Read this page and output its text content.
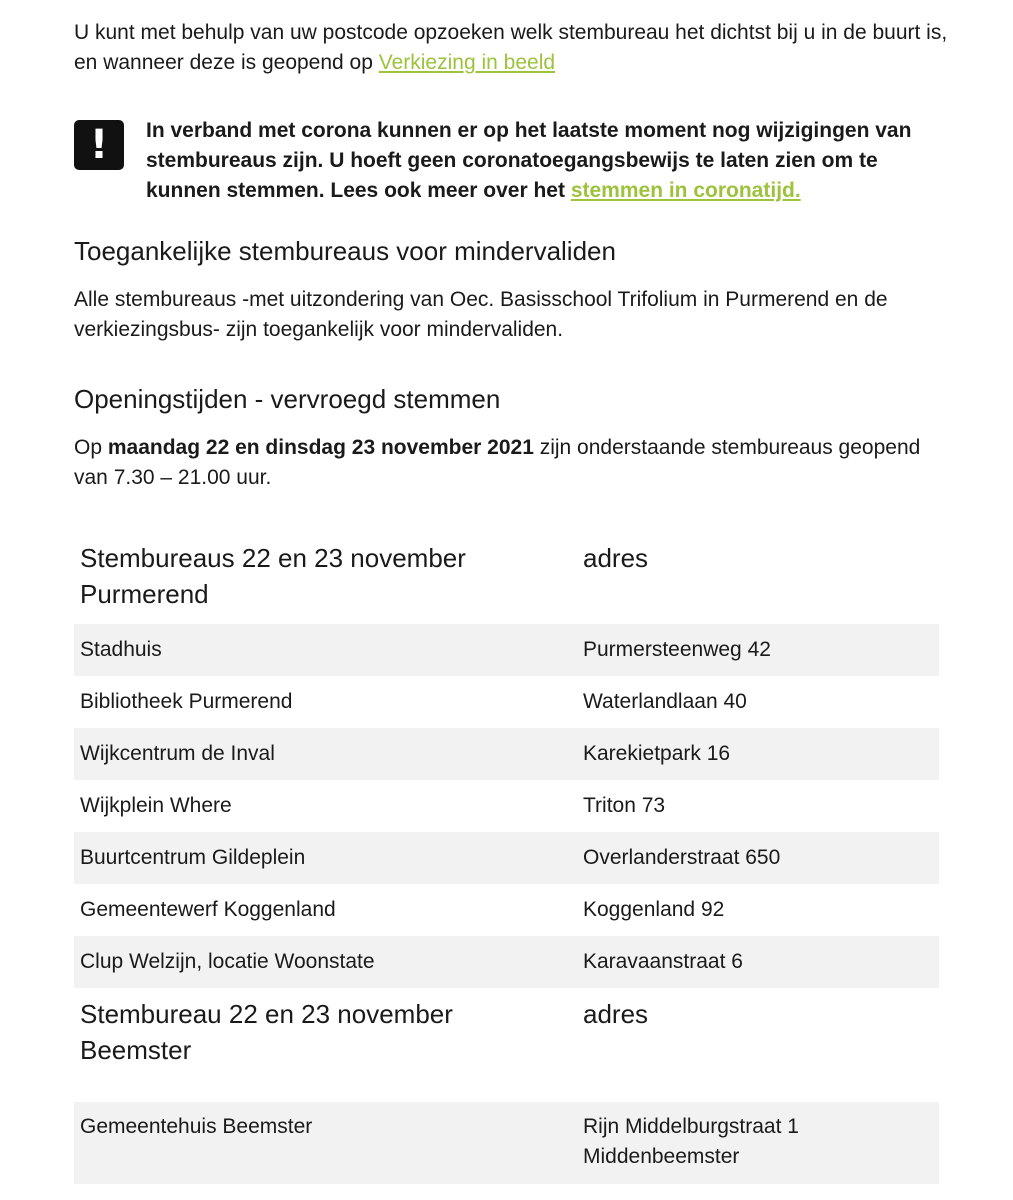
U kunt met behulp van uw postcode opzoeken welk stembureau het dichtst bij u in de buurt is, en wanneer deze is geopend op Verkiezing in beeld

!	In verband met corona kunnen er op het laatste moment nog wijzigingen van stembureaus zijn. U hoeft geen coronatoegangsbewijs te laten zien om te kunnen stemmen. Lees ook meer over het stemmen in coronatijd.

Toegankelijke stembureaus voor mindervaliden

Alle stembureaus -met uitzondering van Oec. Basisschool Trifolium in Purmerend en de verkiezingsbus- zijn toegankelijk voor mindervaliden.

Openingstijden - vervroegd stemmen

Op maandag 22 en dinsdag 23 november 2021 zijn onderstaande stembureaus geopend van 7.30 – 21.00 uur.

Stembureaus 22 en 23 november Purmerend	adres
Stadhuis	Purmersteenweg 42
Bibliotheek Purmerend	Waterlandlaan 40
Wijkcentrum de Inval	Karekietpark 16
Wijkplein Where	Triton 73
Buurtcentrum Gildeplein	Overlanderstraat 650
Gemeentewerf Koggenland	Koggenland 92
Clup Welzijn, locatie Woonstate	Karavaanstraat 6
Stembureau 22 en 23 november Beemster	adres
Gemeentehuis Beemster	Rijn Middelburgstraat 1
Middenbeemster
